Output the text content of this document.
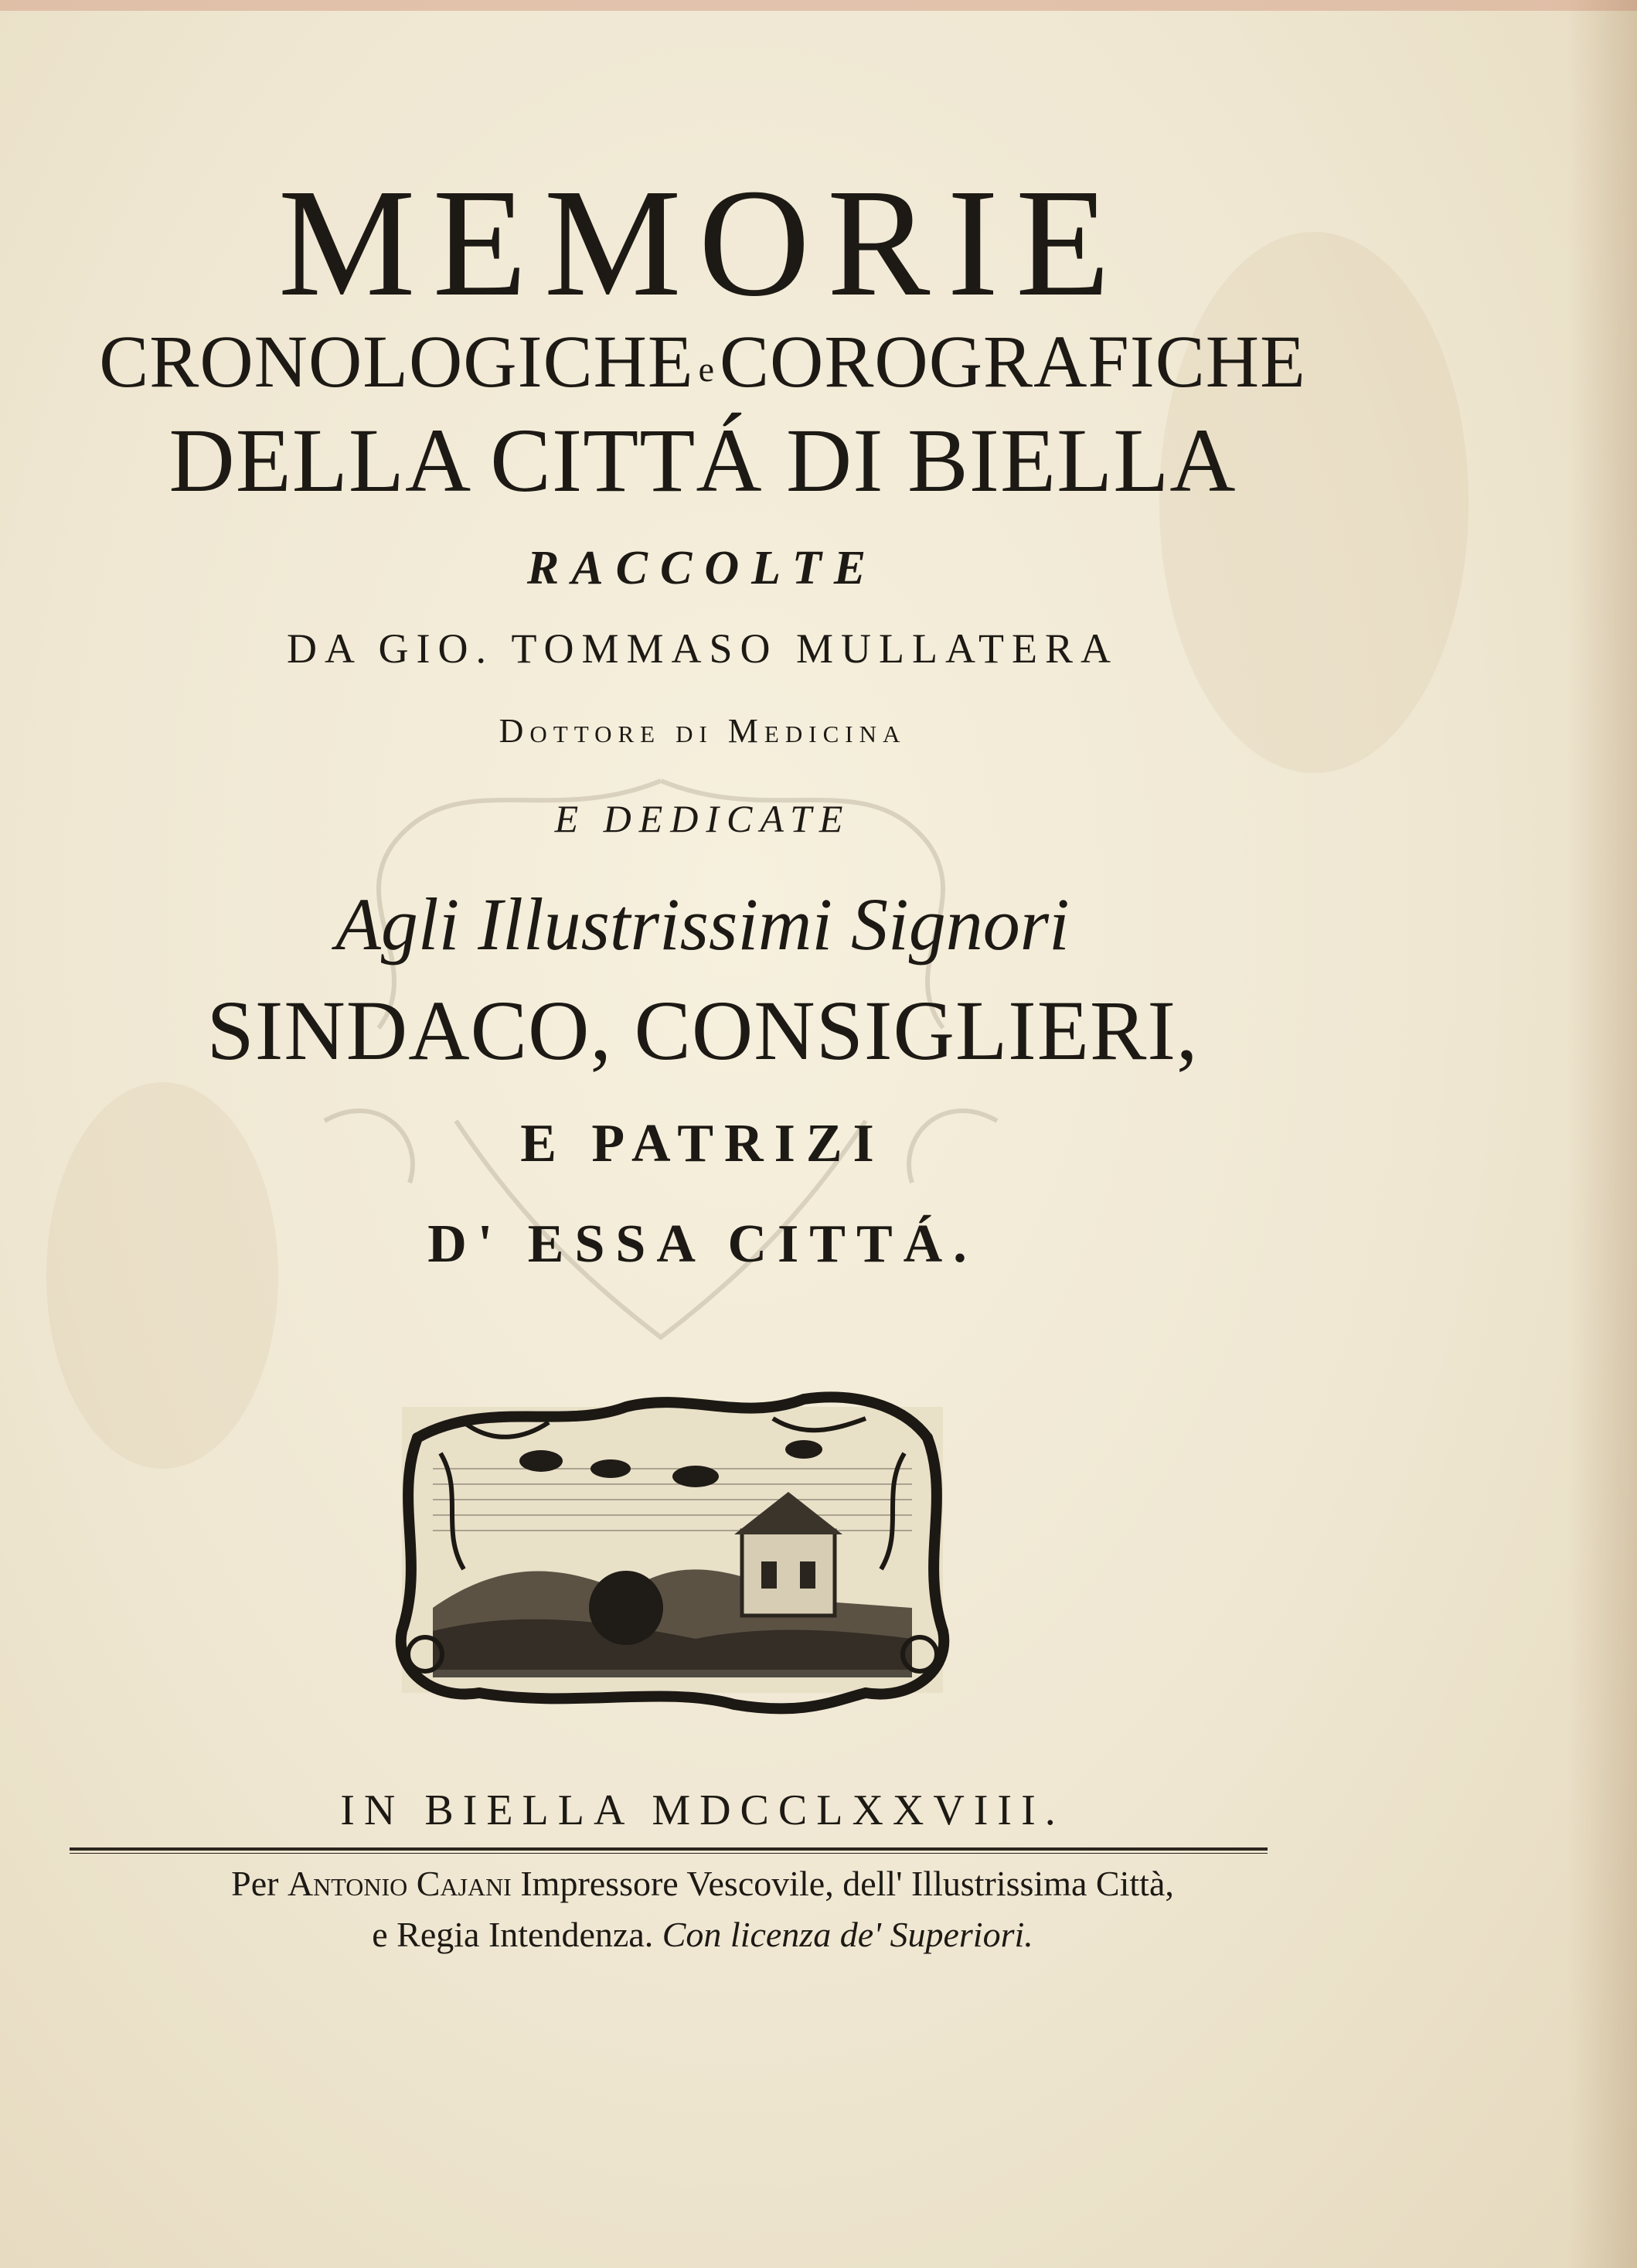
MEMORIE
CRONOLOGICHE eCOROGRAFICHE
DELLA CITTÁ DI BIELLA
RACCOLTE
DA GIO. TOMMASO MULLATERA
Dottore di Medicina
E DEDICATE
Agli Illustrissimi Signori
SINDACO, CONSIGLIERI,
E PATRIZI
D' ESSA CITTÁ.
IN BIELLA MDCCLXXVIII.
Per Antonio Cajani Impressore Vescovile, dell' Illustrissima Città,
e Regia Intendenza. Con licenza de' Superiori.
